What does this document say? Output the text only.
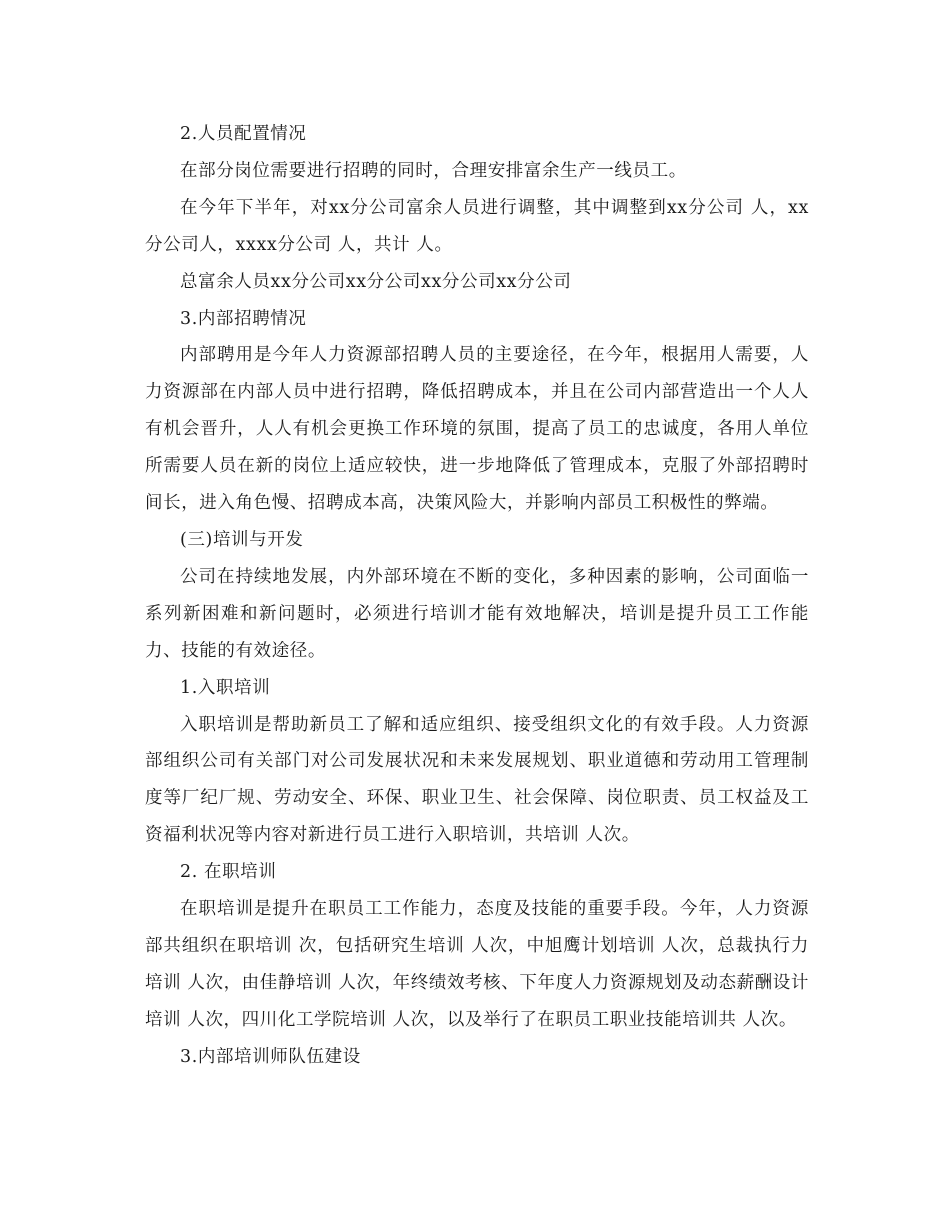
2.人员配置情况

在部分岗位需要进行招聘的同时，合理安排富余生产一线员工。

在今年下半年，对xx分公司富余人员进行调整，其中调整到xx分公司 人，xx分公司人，xxxx分公司 人，共计 人。

总富余人员xx分公司xx分公司xx分公司xx分公司

3.内部招聘情况

内部聘用是今年人力资源部招聘人员的主要途径，在今年，根据用人需要，人力资源部在内部人员中进行招聘，降低招聘成本，并且在公司内部营造出一个人人有机会晋升，人人有机会更换工作环境的氛围，提高了员工的忠诚度，各用人单位所需要人员在新的岗位上适应较快，进一步地降低了管理成本，克服了外部招聘时间长，进入角色慢、招聘成本高，决策风险大，并影响内部员工积极性的弊端。

(三)培训与开发

公司在持续地发展，内外部环境在不断的变化，多种因素的影响，公司面临一系列新困难和新问题时，必须进行培训才能有效地解决，培训是提升员工工作能力、技能的有效途径。

1.入职培训

入职培训是帮助新员工了解和适应组织、接受组织文化的有效手段。人力资源部组织公司有关部门对公司发展状况和未来发展规划、职业道德和劳动用工管理制度等厂纪厂规、劳动安全、环保、职业卫生、社会保障、岗位职责、员工权益及工资福利状况等内容对新进行员工进行入职培训，共培训 人次。

2. 在职培训

在职培训是提升在职员工工作能力，态度及技能的重要手段。今年，人力资源部共组织在职培训 次，包括研究生培训 人次，中旭鹰计划培训 人次，总裁执行力培训 人次，由佳静培训 人次，年终绩效考核、下年度人力资源规划及动态薪酬设计培训 人次，四川化工学院培训 人次，以及举行了在职员工职业技能培训共 人次。

3.内部培训师队伍建设
